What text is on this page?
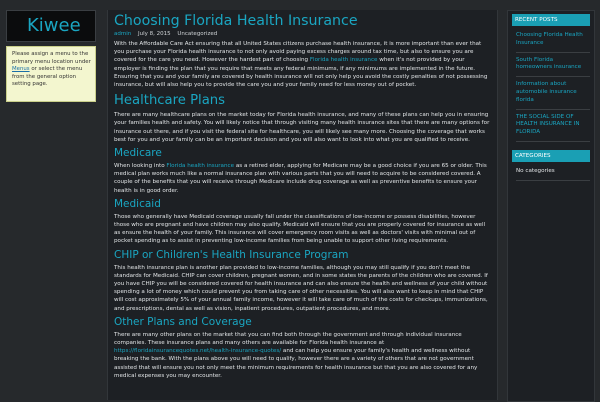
Kiwee
Please assign a menu to the primary menu location under Menus or select the menu from the general option setting page.
Choosing Florida Health Insurance
admin July 8, 2015 Uncategorized

With the Affordable Care Act ensuring that all United States citizens purchase health insurance, it is more important than ever that you purchase your Florida health insurance to not only avoid paying excess charges around tax time, but also to ensure you are covered for the care you need. However the hardest part of choosing Florida health insurance when it's not provided by your employer is finding the plan that you require that meets any federal minimums, if any minimums are implemented in the future. Ensuring that you and your family are covered by health insurance will not only help you avoid the costly penalties of not possessing insurance, but will also help you to provide the care you and your family need for less money out of pocket.

Healthcare Plans

There are many healthcare plans on the market today for Florida health insurance, and many of these plans can help you in ensuring your families health and safety. You will likely notice that through visiting many health insurance sites that there are many options for insurance out there, and if you visit the federal site for healthcare, you will likely see many more. Choosing the coverage that works best for you and your family can be an important decision and you will also want to look into what you are qualified to receive.

Medicare

When looking into Florida health insurance as a retired elder, applying for Medicare may be a good choice if you are 65 or older. This medical plan works much like a normal insurance plan with various parts that you will need to acquire to be considered covered. A couple of the benefits that you will receive through Medicare include drug coverage as well as preventive benefits to ensure your health is in good order.

Medicaid

Those who generally have Medicaid coverage usually fall under the classifications of low-income or possess disabilities, however those who are pregnant and have children may also qualify. Medicaid will ensure that you are properly covered for insurance as well as ensure the health of your family. This insurance will cover emergency room visits as well as doctors' visits with minimal out of pocket spending as to assist in preventing low-income families from being unable to support other living requirements.

CHIP or Children's Health Insurance Program

This health insurance plan is another plan provided to low-income families, although you may still qualify if you don't meet the standards for Medicaid. CHIP can cover children, pregnant women, and in some states the parents of the children who are covered. If you have CHIP you will be considered covered for health insurance and can also ensure the health and wellness of your child without spending a lot of money which could prevent you from taking care of other necessities. You will also want to keep in mind that CHIP will cost approximately 5% of your annual family income, however it will take care of much of the costs for checkups, immunizations, and prescriptions, dental as well as vision, inpatient procedures, outpatient procedures, and more.

Other Plans and Coverage

There are many other plans on the market that you can find both through the government and through individual insurance companies. These insurance plans and many others are available for Florida health insurance at https://floridainsurancequotes.net/health-insurance-quotes/ and can help you ensure your family's health and wellness without breaking the bank. With the plans above you will need to qualify, however there are a variety of others that are not government assisted that will ensure you not only meet the minimum requirements for health insurance but that you are also covered for any medical expenses you may encounter.

RECENT POSTS
Choosing Florida Health Insurance
South Florida homeowners insurance
Information about automobile insurance florida
THE SOCIAL SIDE OF HEALTH INSURANCE IN FLORIDA
CATEGORIES
No categories
